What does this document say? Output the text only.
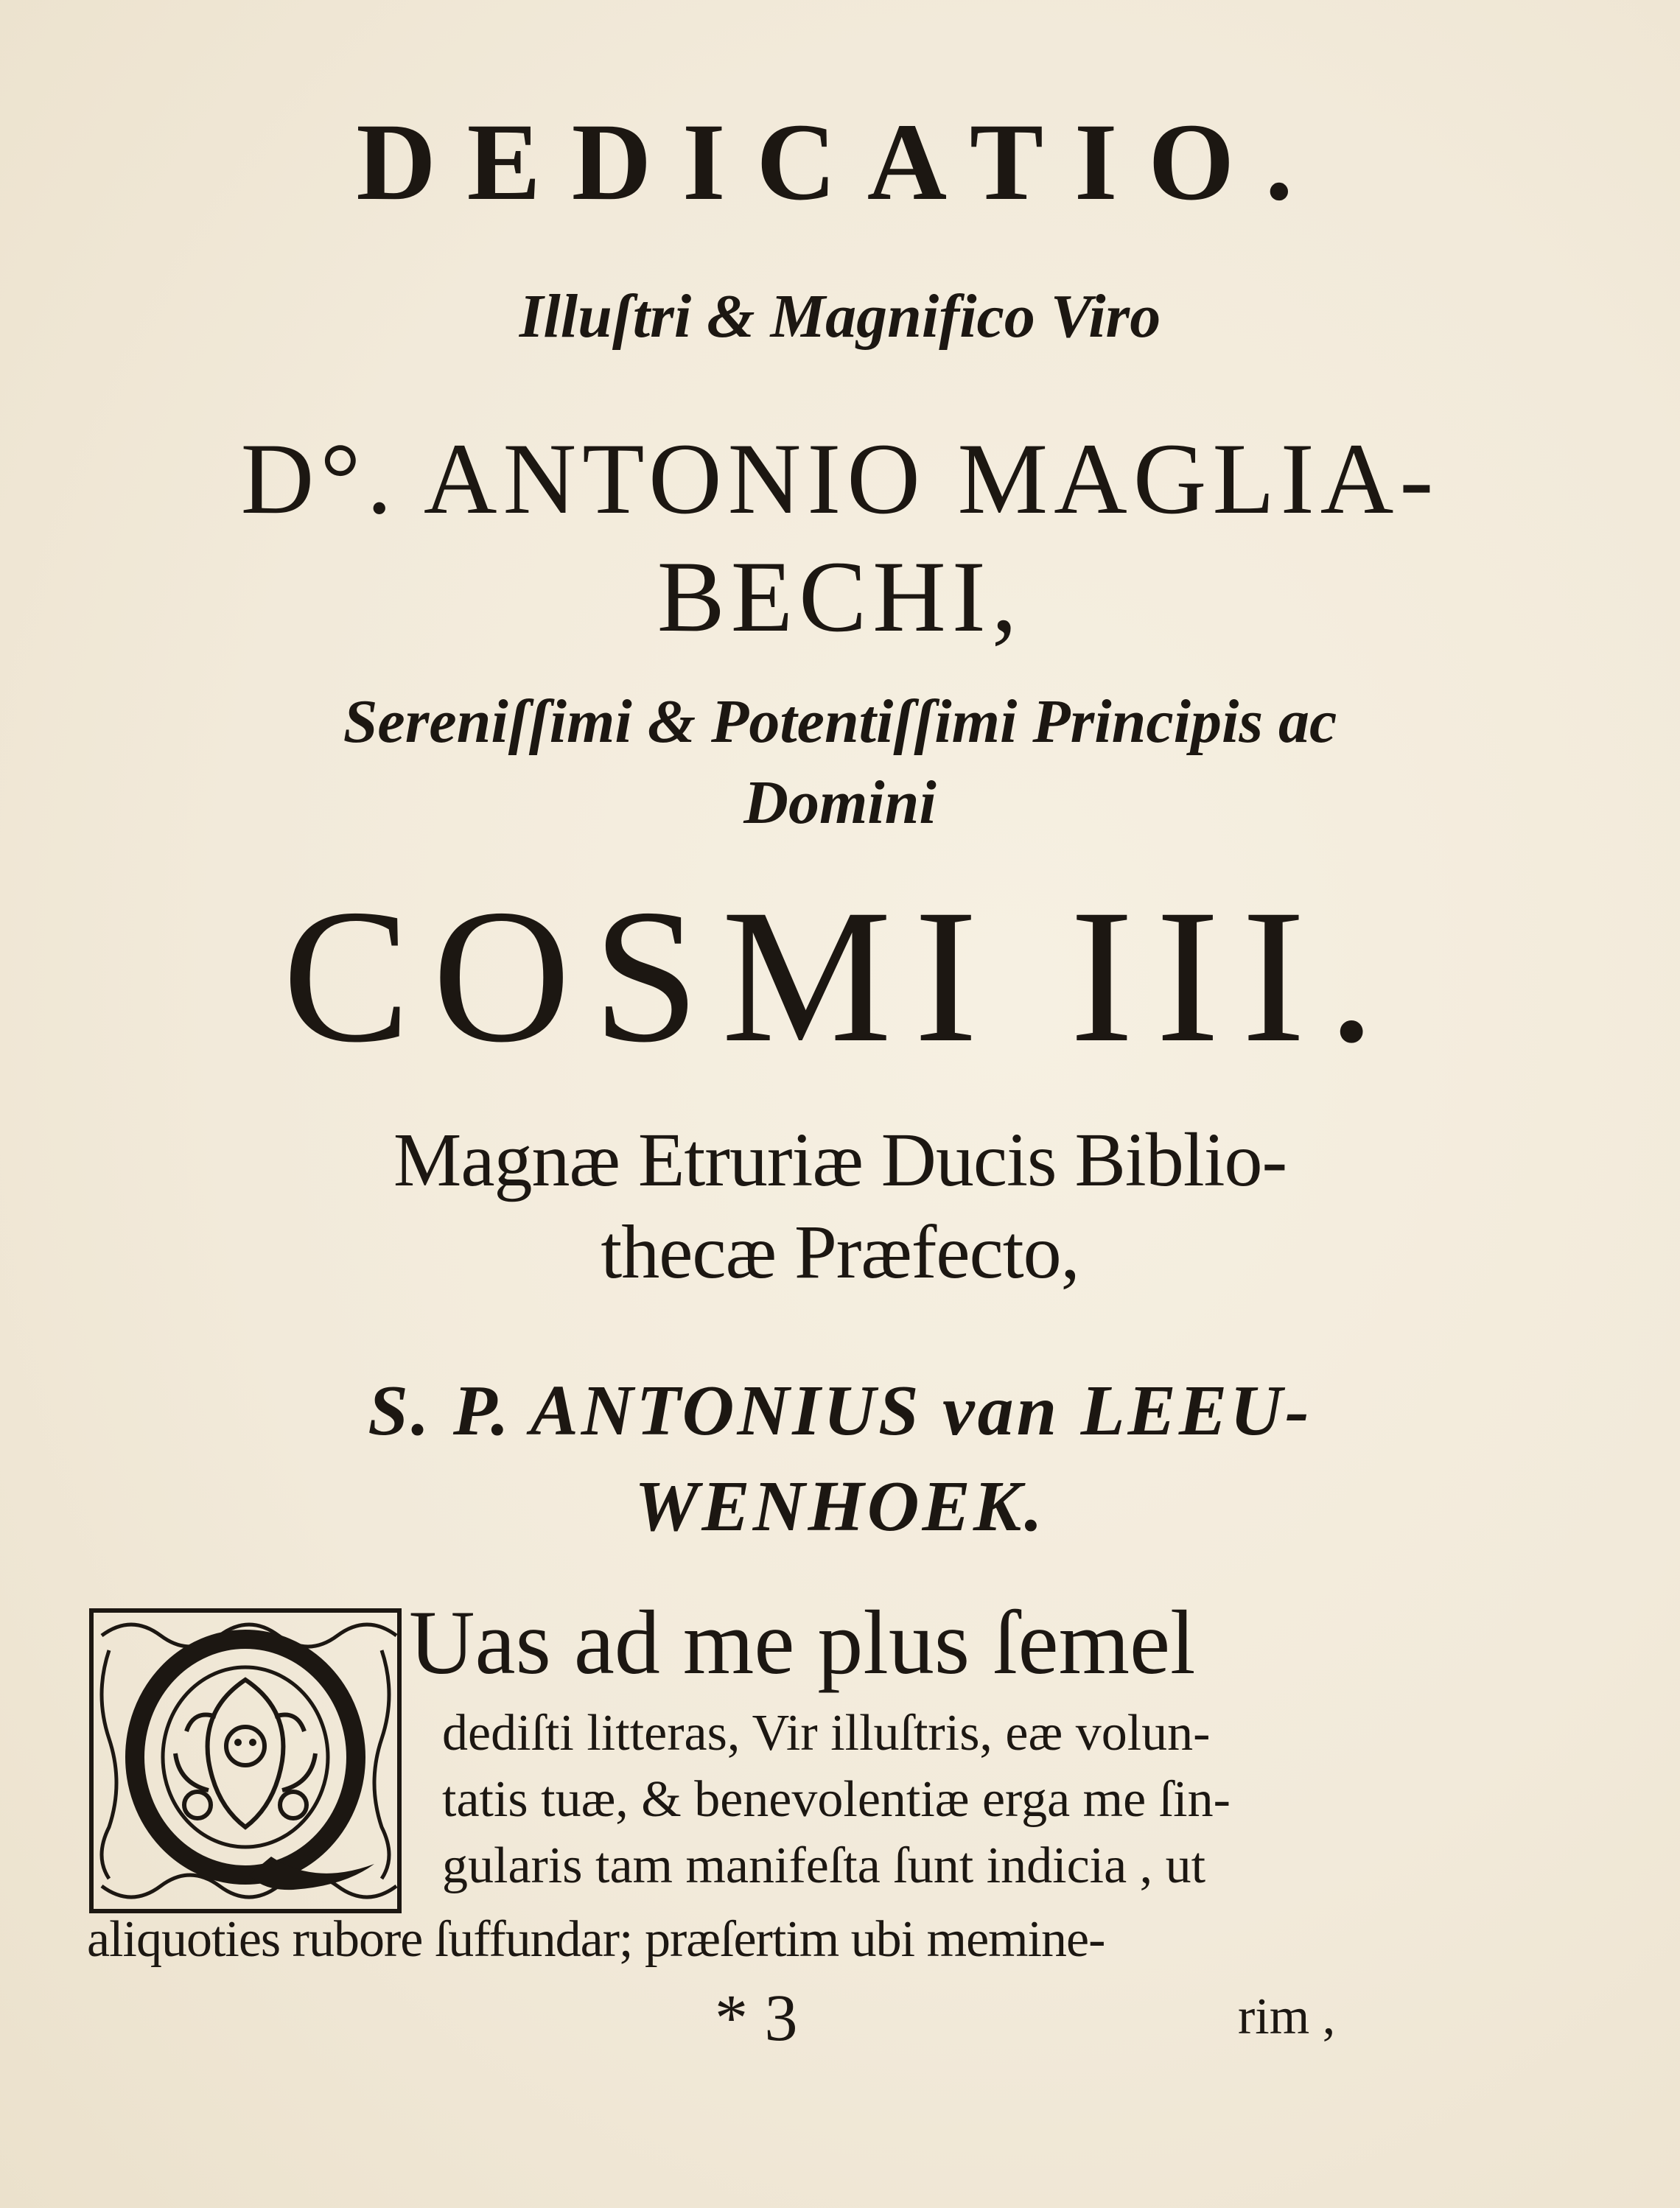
DEDICATIO.
Illuſtri & Magnifico Viro
D°. ANTONIO MAGLIA-
BECHI,
Sereniſſimi & Potentiſſimi Principis ac
Domini
COSMI III.
Magnæ Etruriæ Ducis Biblio-
thecæ Præfecto,
S. P. ANTONIUS van LEEU-
WENHOEK.
Uas ad me plus ſemel
dediſti litteras, Vir illuſtris, eæ volun-
tatis tuæ, & benevolentiæ erga me ſin-
gularis tam manifeſta ſunt indicia , ut
aliquoties rubore ſuffundar; præſertim ubi memine-
* 3	rim ,
